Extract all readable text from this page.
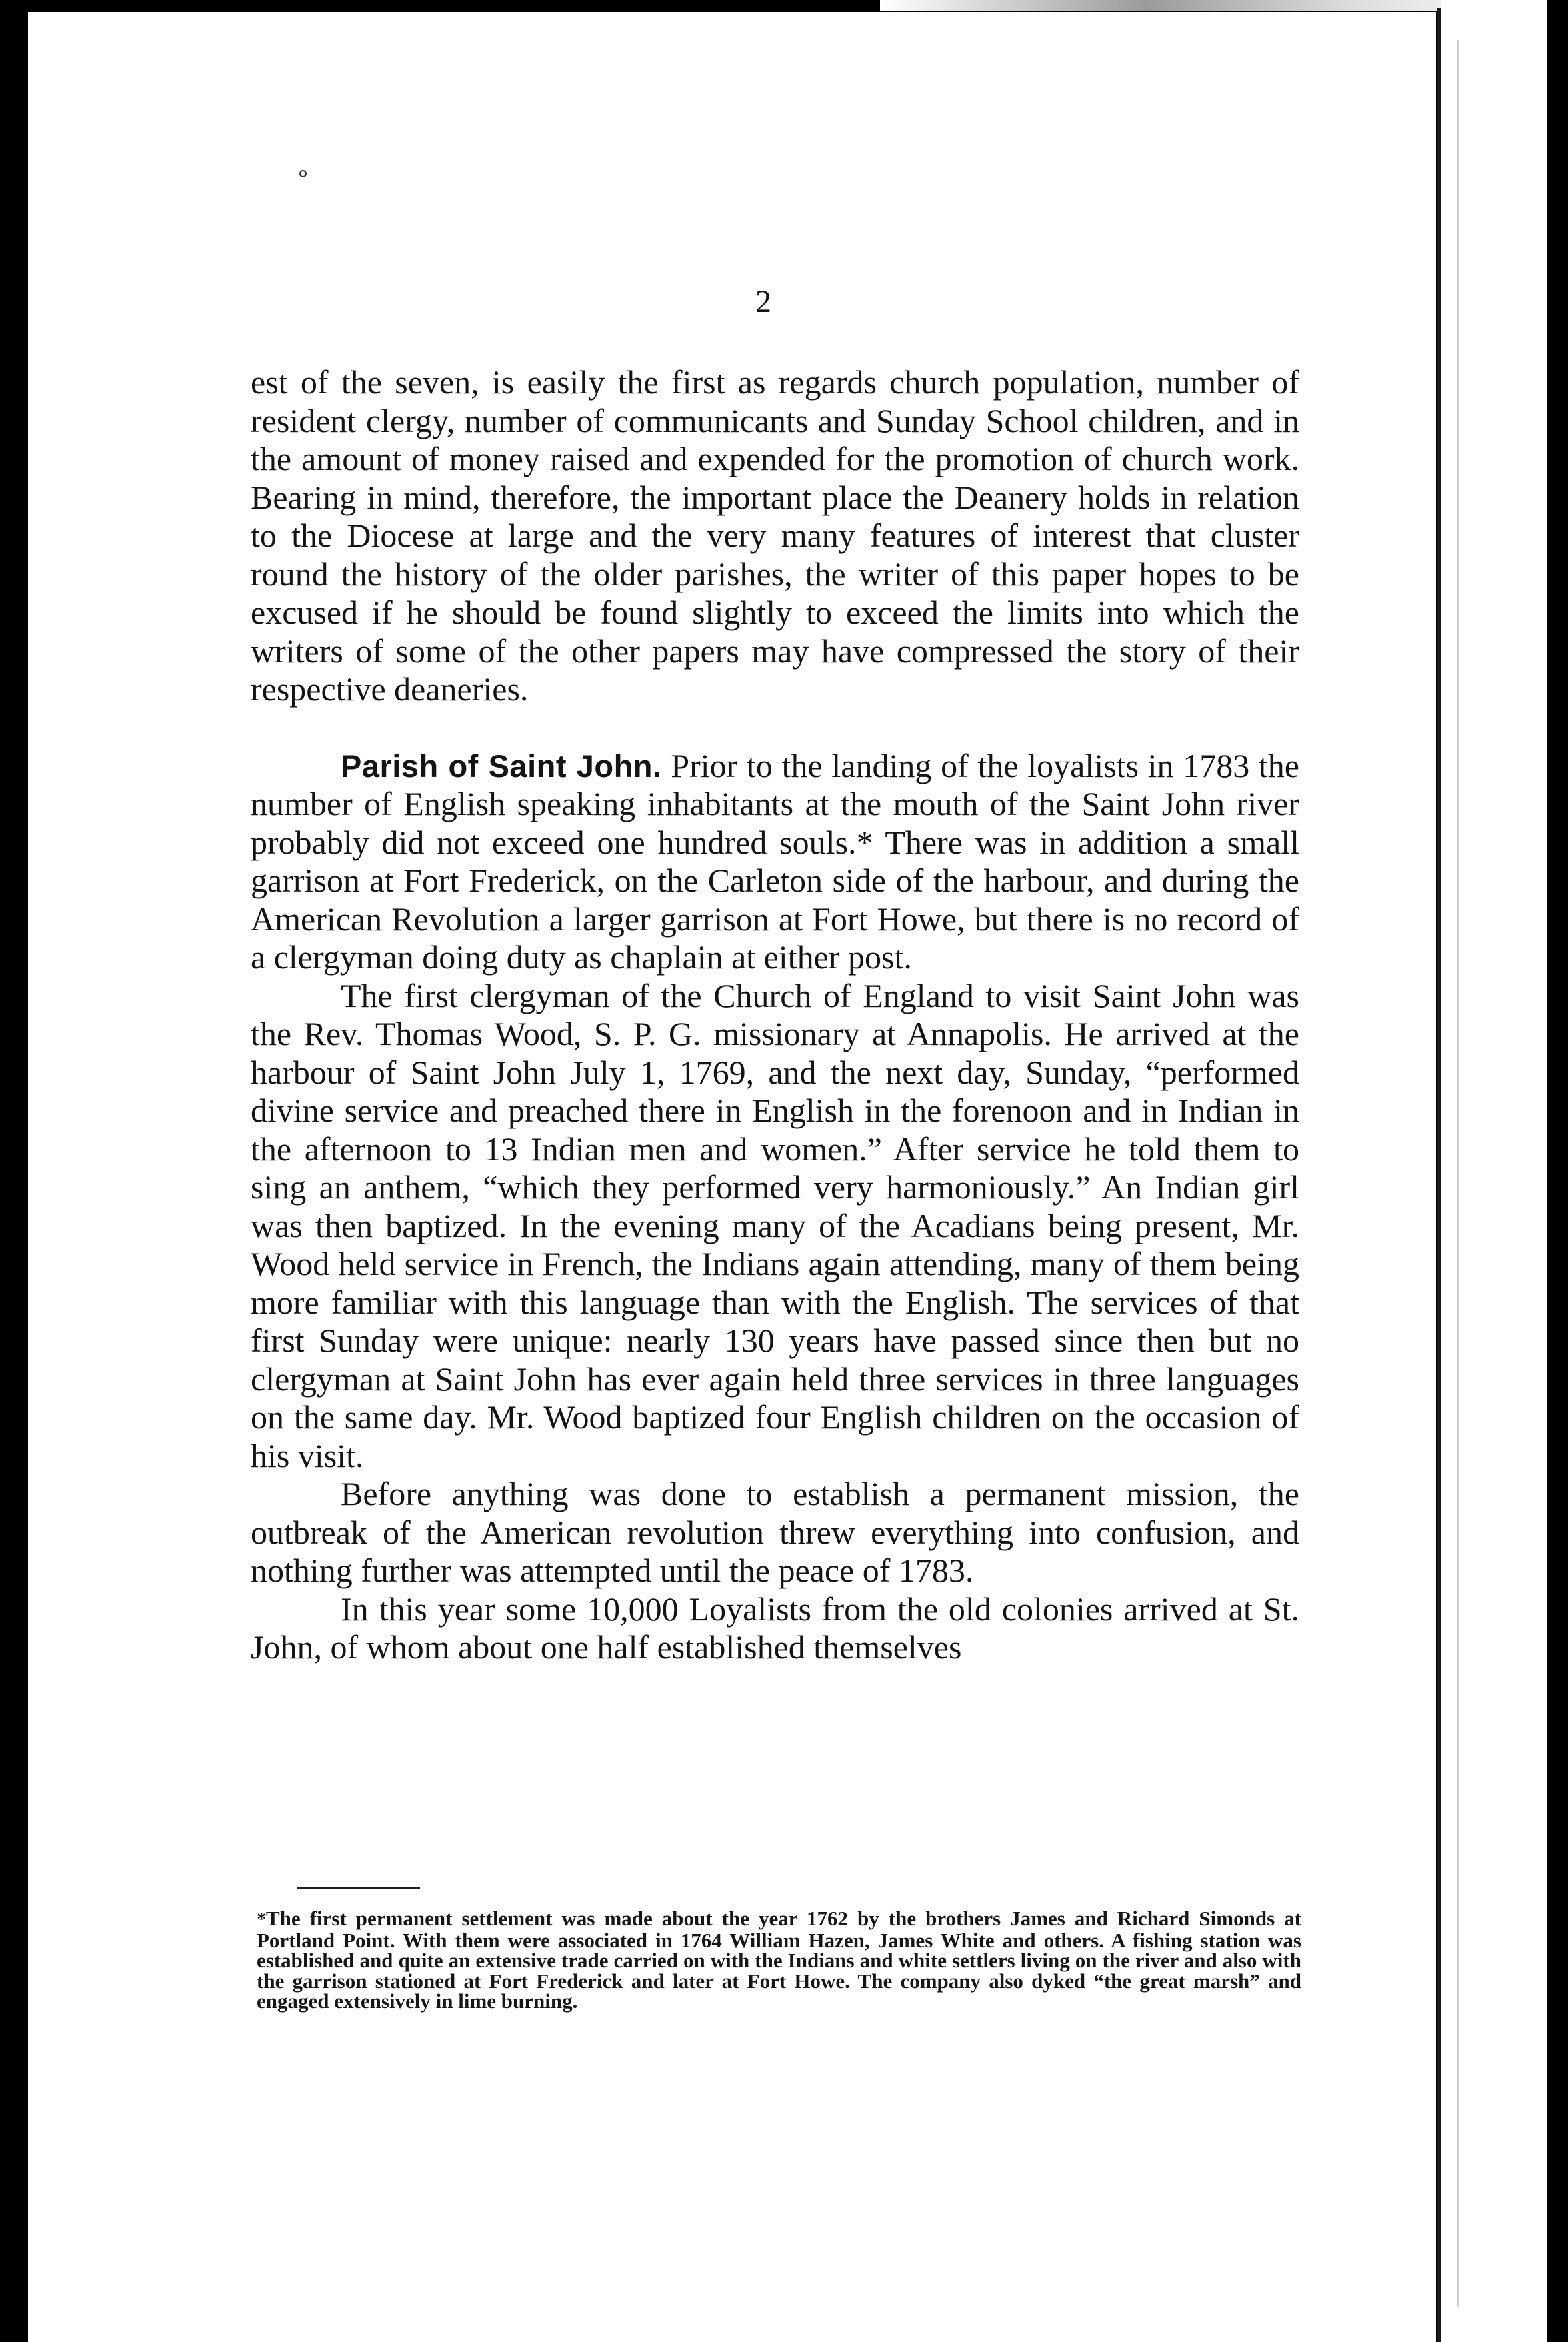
2

est of the seven, is easily the first as regards church population, number of resident clergy, number of communicants and Sunday School children, and in the amount of money raised and expended for the promotion of church work. Bearing in mind, therefore, the important place the Deanery holds in relation to the Diocese at large and the very many features of interest that cluster round the history of the older parishes, the writer of this paper hopes to be excused if he should be found slightly to exceed the limits into which the writers of some of the other papers may have compressed the story of their respective deaneries.

Parish of Saint John. Prior to the landing of the loyalists in 1783 the number of English speaking inhabitants at the mouth of the Saint John river probably did not exceed one hundred souls.* There was in addition a small garrison at Fort Frederick, on the Carleton side of the harbour, and during the American Revolution a larger garrison at Fort Howe, but there is no record of a clergyman doing duty as chaplain at either post.

The first clergyman of the Church of England to visit Saint John was the Rev. Thomas Wood, S. P. G. missionary at Annapolis. He arrived at the harbour of Saint John July 1, 1769, and the next day, Sunday, “performed divine service and preached there in English in the forenoon and in Indian in the afternoon to 13 Indian men and women.” After service he told them to sing an anthem, “which they performed very harmoniously.” An Indian girl was then baptized. In the evening many of the Acadians being present, Mr. Wood held service in French, the Indians again attending, many of them being more familiar with this language than with the English. The services of that first Sunday were unique: nearly 130 years have passed since then but no clergyman at Saint John has ever again held three services in three languages on the same day. Mr. Wood baptized four English children on the occasion of his visit.

Before anything was done to establish a permanent mission, the outbreak of the American revolution threw everything into confusion, and nothing further was attempted until the peace of 1783.

In this year some 10,000 Loyalists from the old colonies arrived at St. John, of whom about one half established themselves

*The first permanent settlement was made about the year 1762 by the brothers James and Richard Simonds at Portland Point. With them were associated in 1764 William Hazen, James White and others. A fishing station was established and quite an extensive trade carried on with the Indians and white settlers living on the river and also with the garrison stationed at Fort Frederick and later at Fort Howe. The company also dyked “the great marsh” and engaged extensively in lime burning.
